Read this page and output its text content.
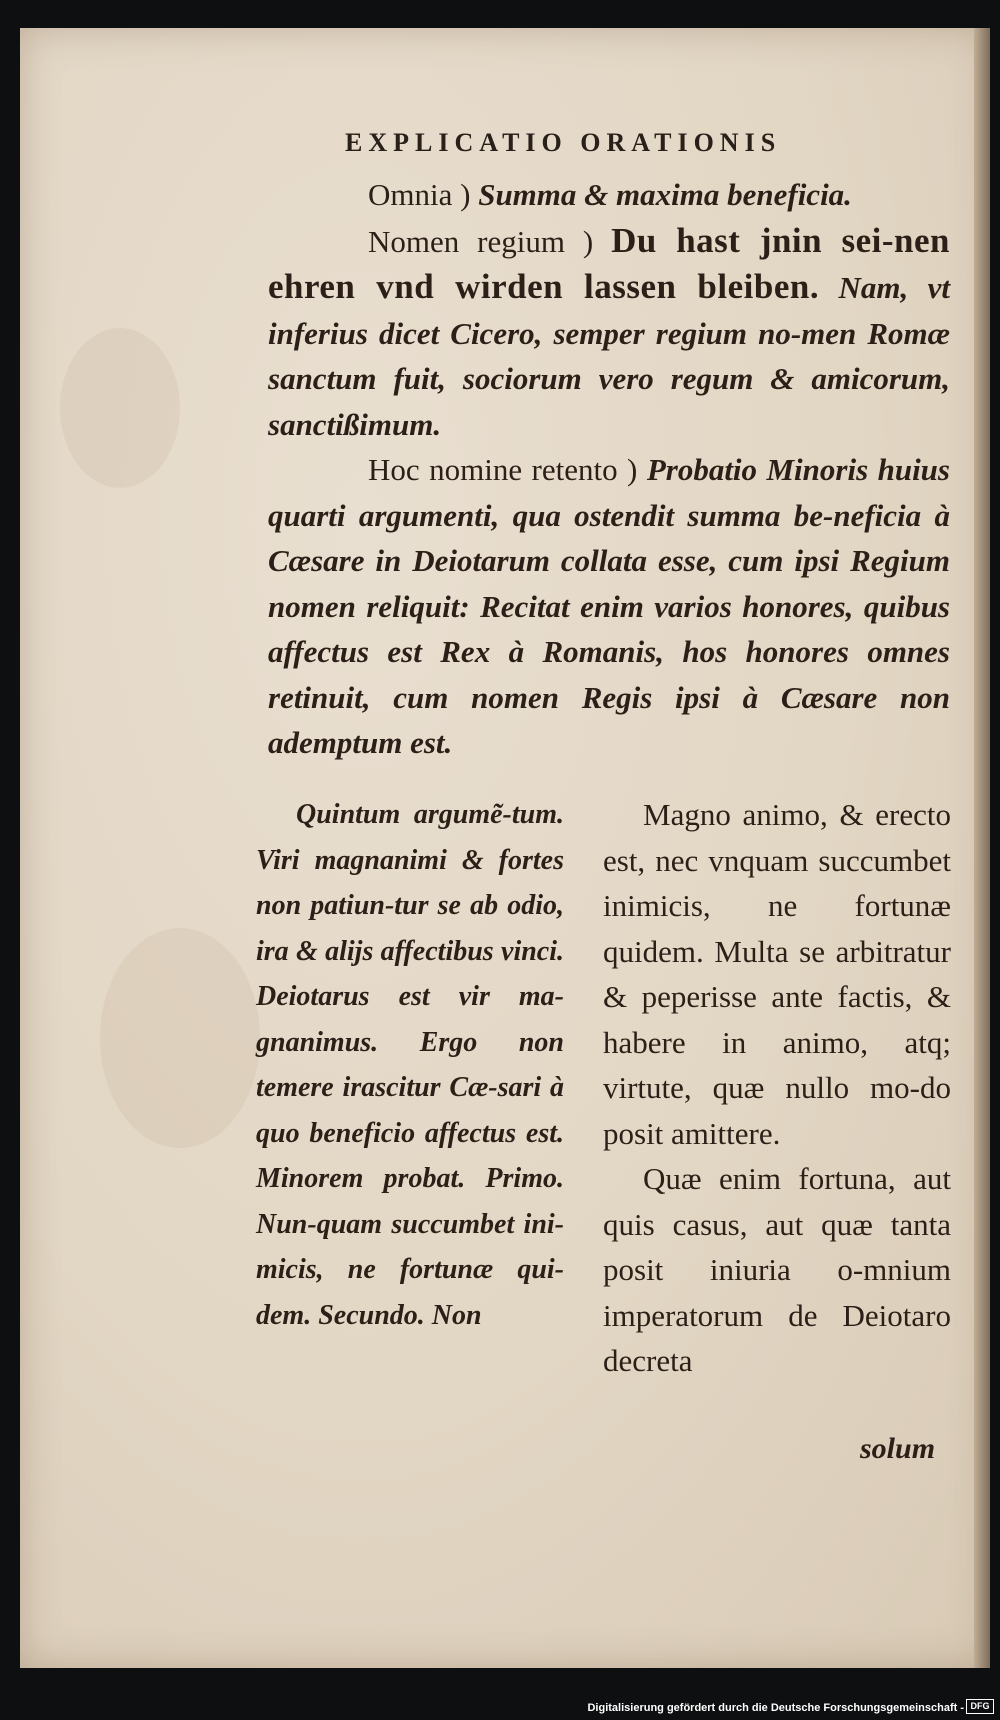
EXPLICATIO ORATIONIS

Omnia ) Summa & maxima beneficia.

Nomen regium ) Du hast jnin sei-nen ehren vnd wirden lassen bleiben. Nam, vt inferius dicet Cicero, semper regium no-men Romæ sanctum fuit, sociorum vero regum & amicorum, sanctißimum.

Hoc nomine retento ) Probatio Minoris huius quarti argumenti, qua ostendit summa be-neficia à Cæsare in Deiotarum collata esse, cum ipsi Regium nomen reliquit: Recitat enim varios honores, quibus affectus est Rex à Romanis, hos honores omnes retinuit, cum nomen Regis ipsi à Cæsare non ademptum est.

Quintum argumẽ-tum. Viri magnanimi & fortes non patiun-tur se ab odio, ira & alijs affectibus vinci. Deiotarus est vir ma-gnanimus. Ergo non temere irascitur Cæ-sari à quo beneficio affectus est. Minorem probat. Primo. Nun-quam succumbet ini-micis, ne fortunæ qui-dem. Secundo. Non

Magno animo, & erecto est, nec vnquam succumbet inimicis, ne fortunæ quidem. Multa se arbitratur & peperisse ante factis, & habere in animo, atq; virtute, quæ nullo mo-do posit amittere.

Quæ enim fortuna, aut quis casus, aut quæ tanta posit iniuria o-mnium imperatorum de Deiotaro decreta

solum
Digitalisierung gefördert durch die Deutsche Forschungsgemeinschaft - DFG
